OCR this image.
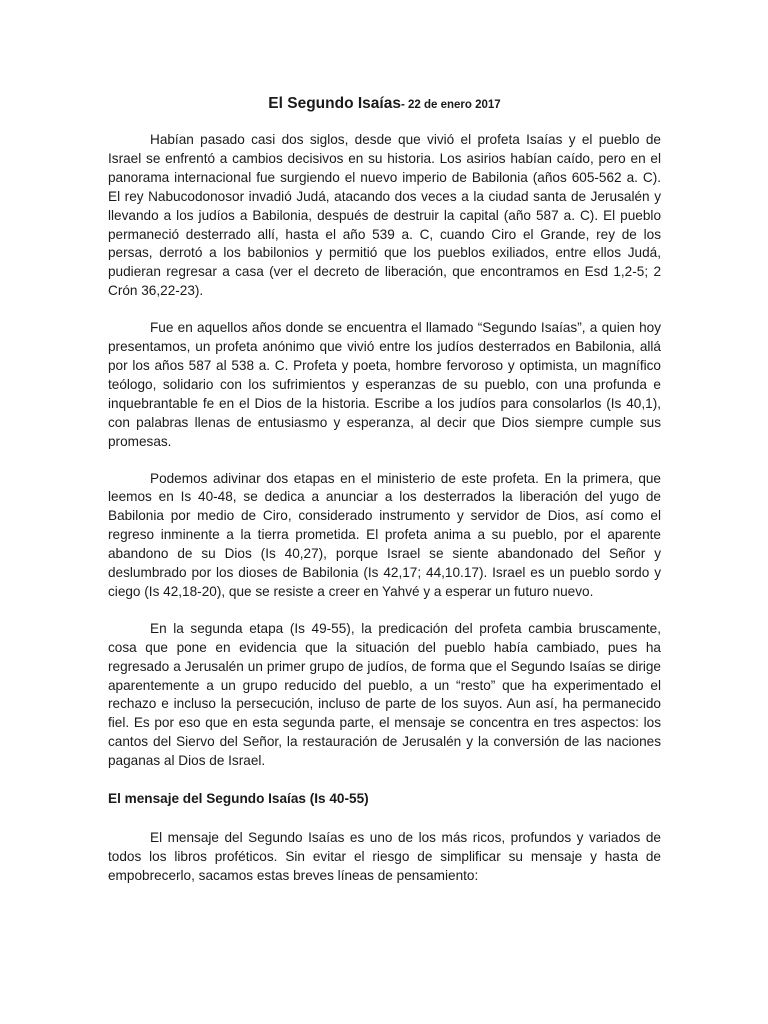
El Segundo Isaías- 22 de enero 2017

Habían pasado casi dos siglos, desde que vivió el profeta Isaías y el pueblo de Israel se enfrentó a cambios decisivos en su historia. Los asirios habían caído, pero en el panorama internacional fue surgiendo el nuevo imperio de Babilonia (años 605-562 a. C). El rey Nabucodonosor invadió Judá, atacando dos veces a la ciudad santa de Jerusalén y llevando a los judíos a Babilonia, después de destruir la capital (año 587 a. C). El pueblo permaneció desterrado allí, hasta el año 539 a. C, cuando Ciro el Grande, rey de los persas, derrotó a los babilonios y permitió que los pueblos exiliados, entre ellos Judá, pudieran regresar a casa (ver el decreto de liberación, que encontramos en Esd 1,2-5; 2 Crón 36,22-23).

Fue en aquellos años donde se encuentra el llamado “Segundo Isaías”, a quien hoy presentamos, un profeta anónimo que vivió entre los judíos desterrados en Babilonia, allá por los años 587 al 538 a. C. Profeta y poeta, hombre fervoroso y optimista, un magnífico teólogo, solidario con los sufrimientos y esperanzas de su pueblo, con una profunda e inquebrantable fe en el Dios de la historia. Escribe a los judíos para consolarlos (Is 40,1), con palabras llenas de entusiasmo y esperanza, al decir que Dios siempre cumple sus promesas.

Podemos adivinar dos etapas en el ministerio de este profeta. En la primera, que leemos en Is 40-48, se dedica a anunciar a los desterrados la liberación del yugo de Babilonia por medio de Ciro, considerado instrumento y servidor de Dios, así como el regreso inminente a la tierra prometida. El profeta anima a su pueblo, por el aparente abandono de su Dios (Is 40,27), porque Israel se siente abandonado del Señor y deslumbrado por los dioses de Babilonia (Is 42,17; 44,10.17). Israel es un pueblo sordo y ciego (Is 42,18-20), que se resiste a creer en Yahvé y a esperar un futuro nuevo.

En la segunda etapa (Is 49-55), la predicación del profeta cambia bruscamente, cosa que pone en evidencia que la situación del pueblo había cambiado, pues ha regresado a Jerusalén un primer grupo de judíos, de forma que el Segundo Isaías se dirige aparentemente a un grupo reducido del pueblo, a un “resto” que ha experimentado el rechazo e incluso la persecución, incluso de parte de los suyos. Aun así, ha permanecido fiel. Es por eso que en esta segunda parte, el mensaje se concentra en tres aspectos: los cantos del Siervo del Señor, la restauración de Jerusalén y la conversión de las naciones paganas al Dios de Israel.

El mensaje del Segundo Isaías (Is 40-55)

El mensaje del Segundo Isaías es uno de los más ricos, profundos y variados de todos los libros proféticos. Sin evitar el riesgo de simplificar su mensaje y hasta de empobrecerlo, sacamos estas breves líneas de pensamiento:
